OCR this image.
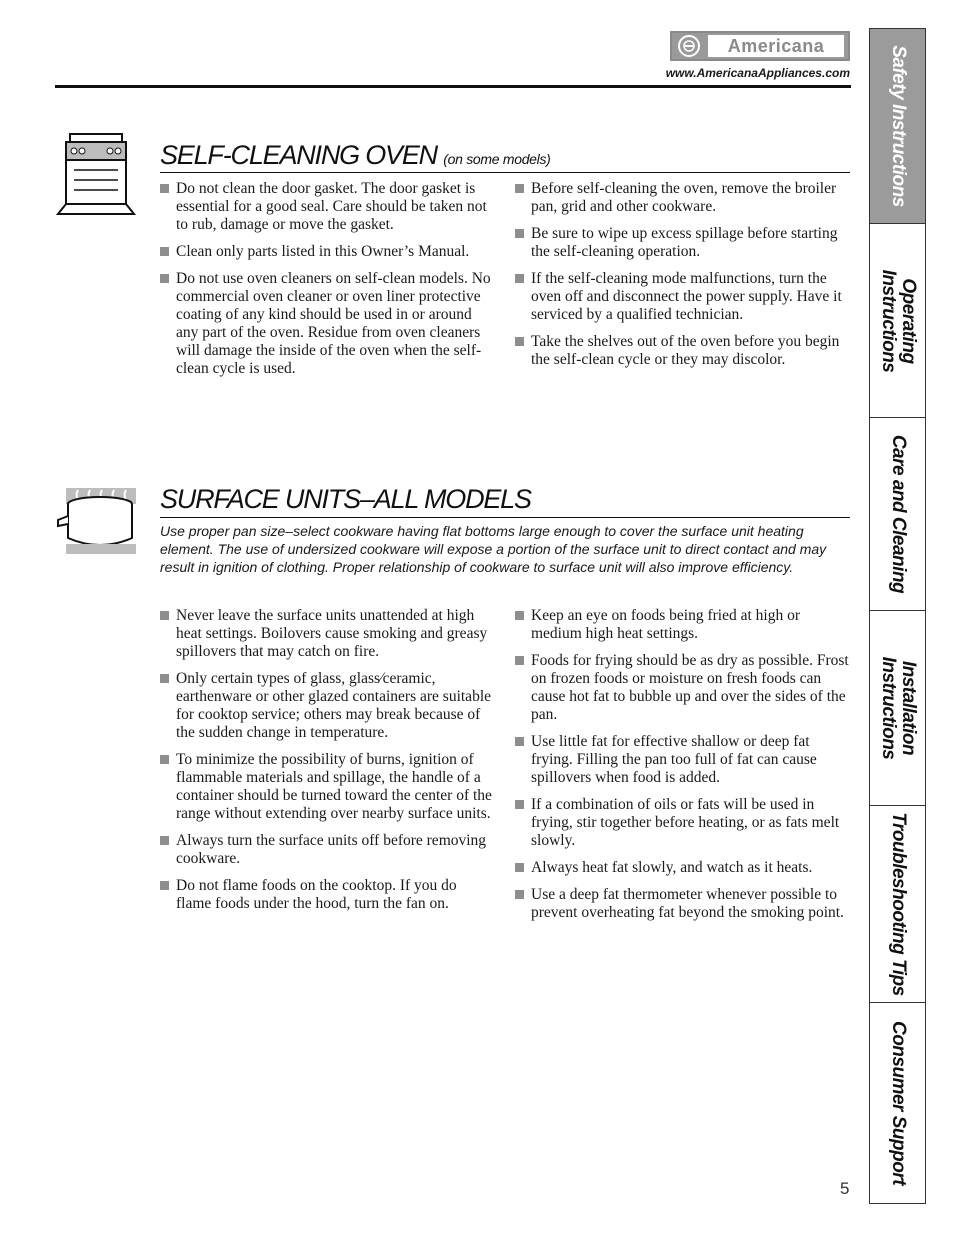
Americana
www.AmericanaAppliances.com
SELF-CLEANING OVEN (on some models)
Do not clean the door gasket. The door gasket is essential for a good seal. Care should be taken not to rub, damage or move the gasket.
Clean only parts listed in this Owner’s Manual.
Do not use oven cleaners on self-clean models. No commercial oven cleaner or oven liner protective coating of any kind should be used in or around any part of the oven. Residue from oven cleaners will damage the inside of the oven when the self-clean cycle is used.
Before self-cleaning the oven, remove the broiler pan, grid and other cookware.
Be sure to wipe up excess spillage before starting the self-cleaning operation.
If the self-cleaning mode malfunctions, turn the oven off and disconnect the power supply. Have it serviced by a qualified technician.
Take the shelves out of the oven before you begin the self-clean cycle or they may discolor.
SURFACE UNITS–ALL MODELS
Use proper pan size–select cookware having flat bottoms large enough to cover the surface unit heating element. The use of undersized cookware will expose a portion of the surface unit to direct contact and may result in ignition of clothing. Proper relationship of cookware to surface unit will also improve efficiency.
Never leave the surface units unattended at high heat settings. Boilovers cause smoking and greasy spillovers that may catch on fire.
Only certain types of glass, glass⁄ceramic, earthenware or other glazed containers are suitable for cooktop service; others may break because of the sudden change in temperature.
To minimize the possibility of burns, ignition of flammable materials and spillage, the handle of a container should be turned toward the center of the range without extending over nearby surface units.
Always turn the surface units off before removing cookware.
Do not flame foods on the cooktop. If you do flame foods under the hood, turn the fan on.
Keep an eye on foods being fried at high or medium high heat settings.
Foods for frying should be as dry as possible. Frost on frozen foods or moisture on fresh foods can cause hot fat to bubble up and over the sides of the pan.
Use little fat for effective shallow or deep fat frying. Filling the pan too full of fat can cause spillovers when food is added.
If a combination of oils or fats will be used in frying, stir together before heating, or as fats melt slowly.
Always heat fat slowly, and watch as it heats.
Use a deep fat thermometer whenever possible to prevent overheating fat beyond the smoking point.
Safety Instructions
Operating
Instructions
Care and Cleaning
Installation
Instructions
Troubleshooting Tips
Consumer Support
5
